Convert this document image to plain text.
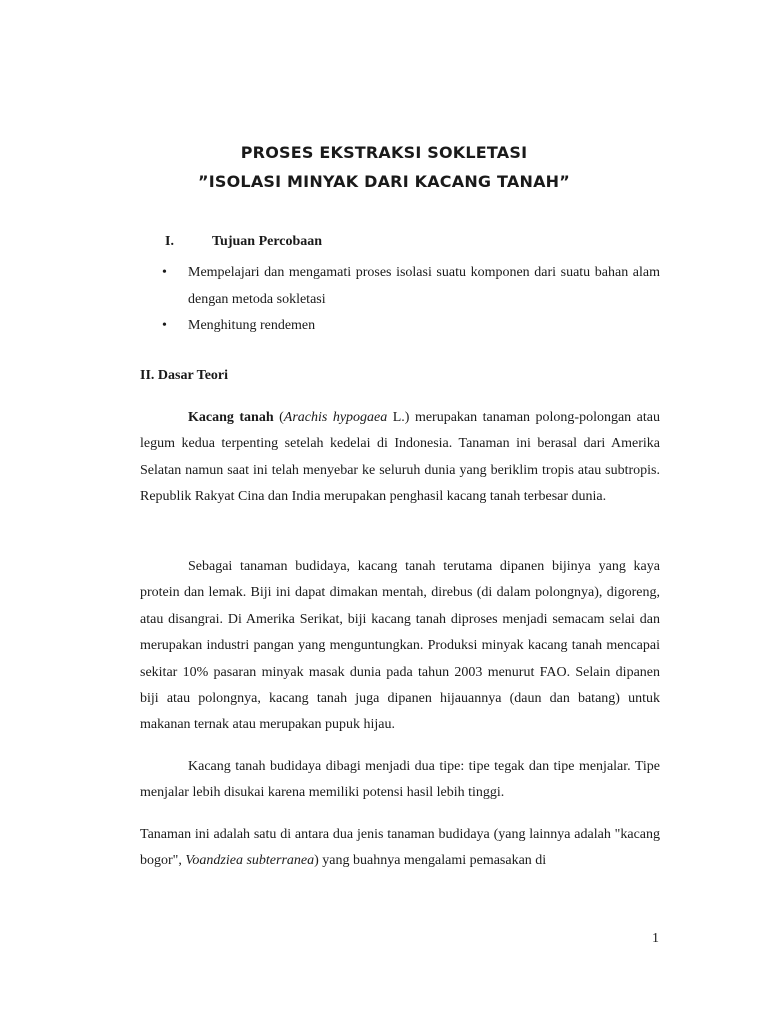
PROSES EKSTRAKSI SOKLETASI
”ISOLASI MINYAK DARI KACANG TANAH”
I.	Tujuan Percobaan
•	Mempelajari dan mengamati proses isolasi suatu komponen dari suatu bahan alam dengan metoda sokletasi
•	Menghitung rendemen
II. Dasar Teori
Kacang tanah (Arachis hypogaea L.) merupakan tanaman polong-polongan atau legum kedua terpenting setelah kedelai di Indonesia. Tanaman ini berasal dari Amerika Selatan namun saat ini telah menyebar ke seluruh dunia yang beriklim tropis atau subtropis. Republik Rakyat Cina dan India merupakan penghasil kacang tanah terbesar dunia.
Sebagai tanaman budidaya, kacang tanah terutama dipanen bijinya yang kaya protein dan lemak. Biji ini dapat dimakan mentah, direbus (di dalam polongnya), digoreng, atau disangrai. Di Amerika Serikat, biji kacang tanah diproses menjadi semacam selai dan merupakan industri pangan yang menguntungkan. Produksi minyak kacang tanah mencapai sekitar 10% pasaran minyak masak dunia pada tahun 2003 menurut FAO. Selain dipanen biji atau polongnya, kacang tanah juga dipanen hijauannya (daun dan batang) untuk makanan ternak atau merupakan pupuk hijau.
Kacang tanah budidaya dibagi menjadi dua tipe: tipe tegak dan tipe menjalar. Tipe menjalar lebih disukai karena memiliki potensi hasil lebih tinggi.
Tanaman ini adalah satu di antara dua jenis tanaman budidaya (yang lainnya adalah "kacang bogor", Voandziea subterranea) yang buahnya mengalami pemasakan di
1
